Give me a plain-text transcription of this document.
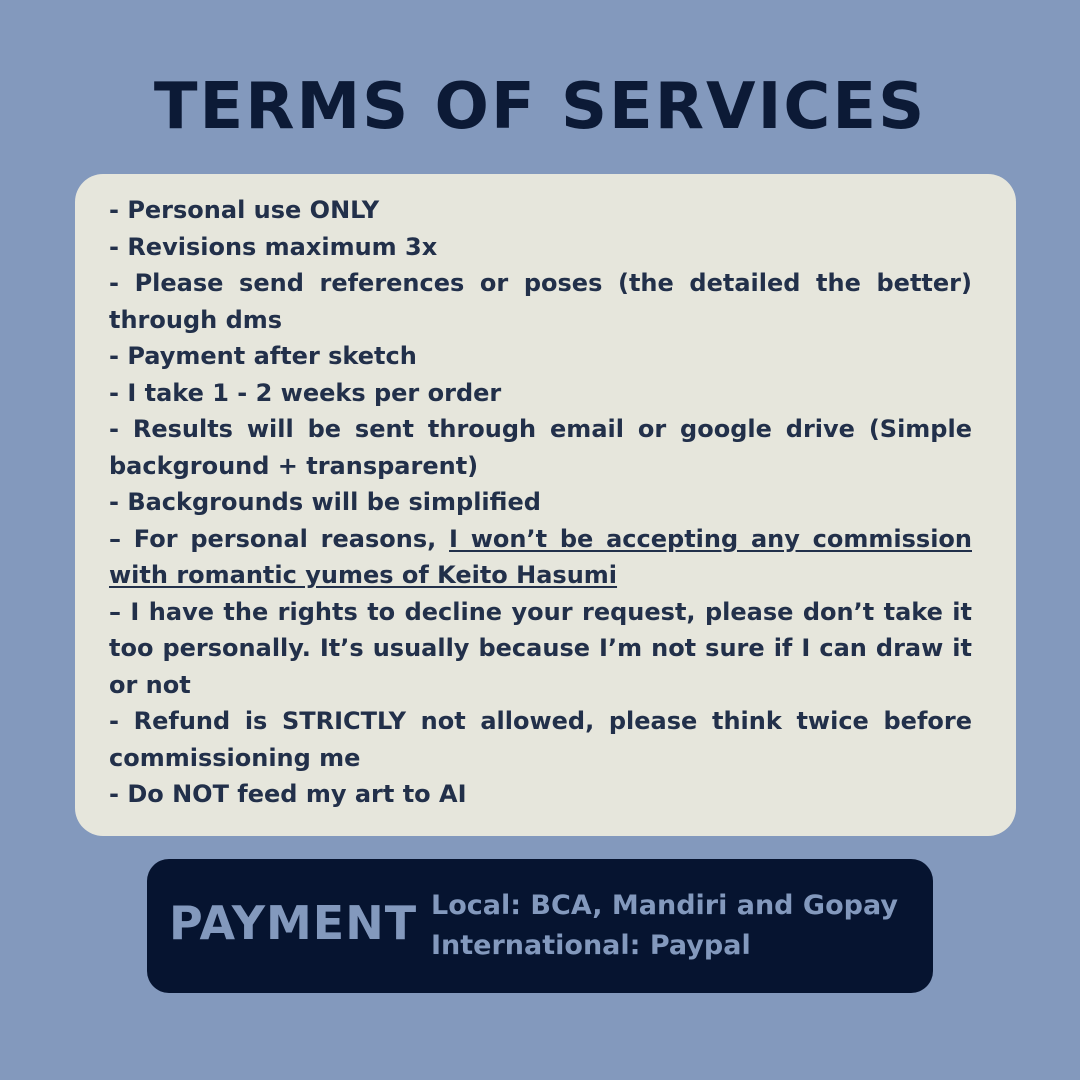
TERMS OF SERVICES
- Personal use ONLY
- Revisions maximum 3x
- Please send references or poses (the detailed the better) through dms
- Payment after sketch
- I take 1 - 2 weeks per order
- Results will be sent through email or google drive (Simple background + transparent)
- Backgrounds will be simplified
– For personal reasons, I won’t be accepting any commission with romantic yumes of Keito Hasumi
– I have the rights to decline your request, please don’t take it too personally. It’s usually because I’m not sure if I can draw it or not
- Refund is STRICTLY not allowed, please think twice before commissioning me
- Do NOT feed my art to AI
PAYMENT Local: BCA, Mandiri and Gopay
International: Paypal
